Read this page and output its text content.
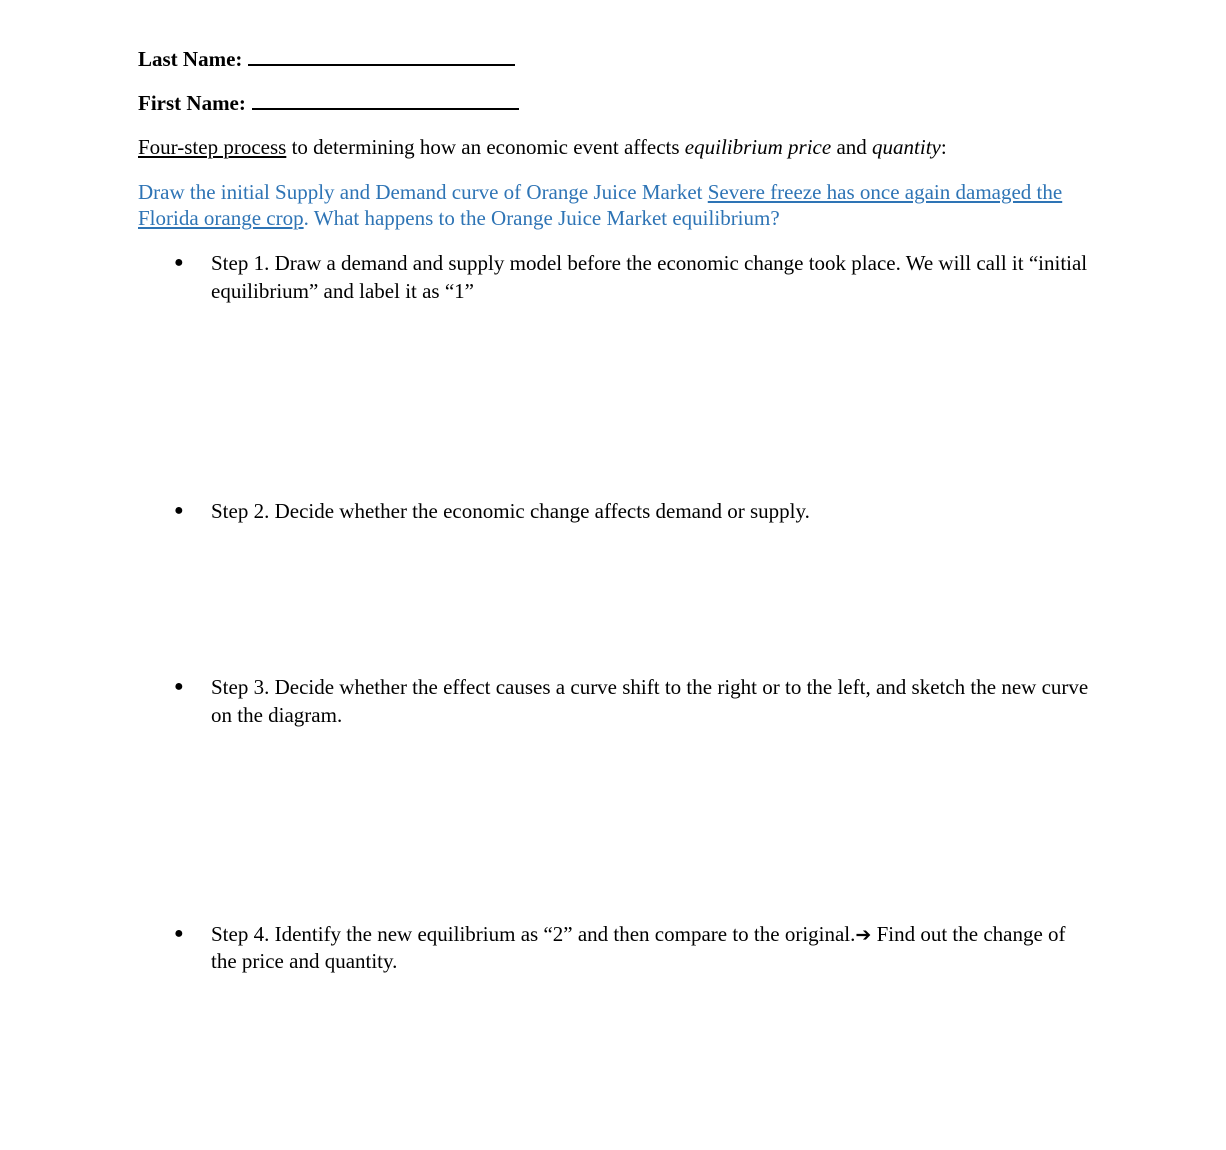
Last Name:
First Name:
Four-step process to determining how an economic event affects equilibrium price and quantity:
Draw the initial Supply and Demand curve of Orange Juice Market Severe freeze has once again damaged the Florida orange crop. What happens to the Orange Juice Market equilibrium?
● Step 1. Draw a demand and supply model before the economic change took place. We will call it “initial equilibrium” and label it as “1”
● Step 2. Decide whether the economic change affects demand or supply.
● Step 3. Decide whether the effect causes a curve shift to the right or to the left, and sketch the new curve on the diagram.
● Step 4. Identify the new equilibrium as “2” and then compare to the original.➔ Find out the change of the price and quantity.
